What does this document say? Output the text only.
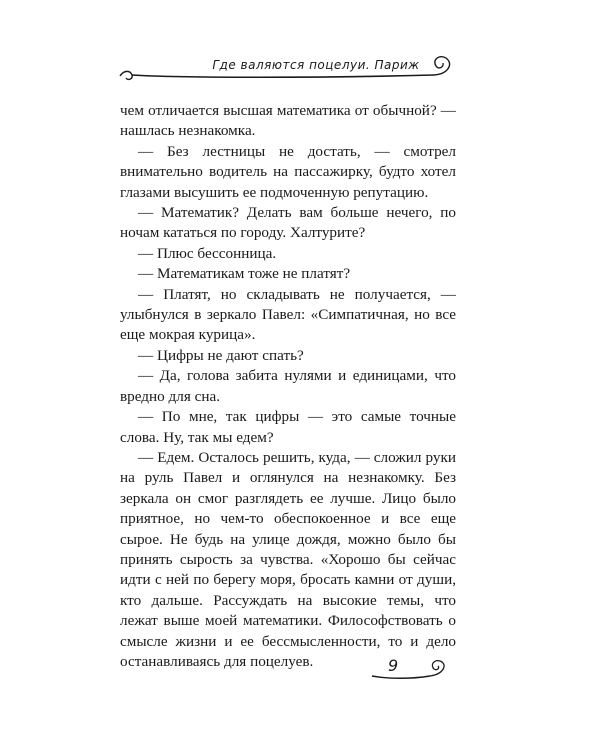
Где валяются поцелуи. Париж

чем отличается высшая математика от обычной? — нашлась незнакомка.

— Без лестницы не достать, — смотрел внимательно водитель на пассажирку, будто хотел глазами высушить ее подмоченную репутацию.

— Математик? Делать вам больше нечего, по ночам кататься по городу. Халтурите?

— Плюс бессонница.

— Математикам тоже не платят?

— Платят, но складывать не получается, — улыбнулся в зеркало Павел: «Симпатичная, но все еще мокрая курица».

— Цифры не дают спать?

— Да, голова забита нулями и единицами, что вредно для сна.

— По мне, так цифры — это самые точные слова. Ну, так мы едем?

— Едем. Осталось решить, куда, — сложил руки на руль Павел и оглянулся на незнакомку. Без зеркала он смог разглядеть ее лучше. Лицо было приятное, но чем-то обеспокоенное и все еще сырое. Не будь на улице дождя, можно было бы принять сырость за чувства. «Хорошо бы сейчас идти с ней по берегу моря, бросать камни от души, кто дальше. Рассуждать на высокие темы, что лежат выше моей математики. Философствовать о смысле жизни и ее бессмысленности, то и дело останавливаясь для поцелуев.	9
